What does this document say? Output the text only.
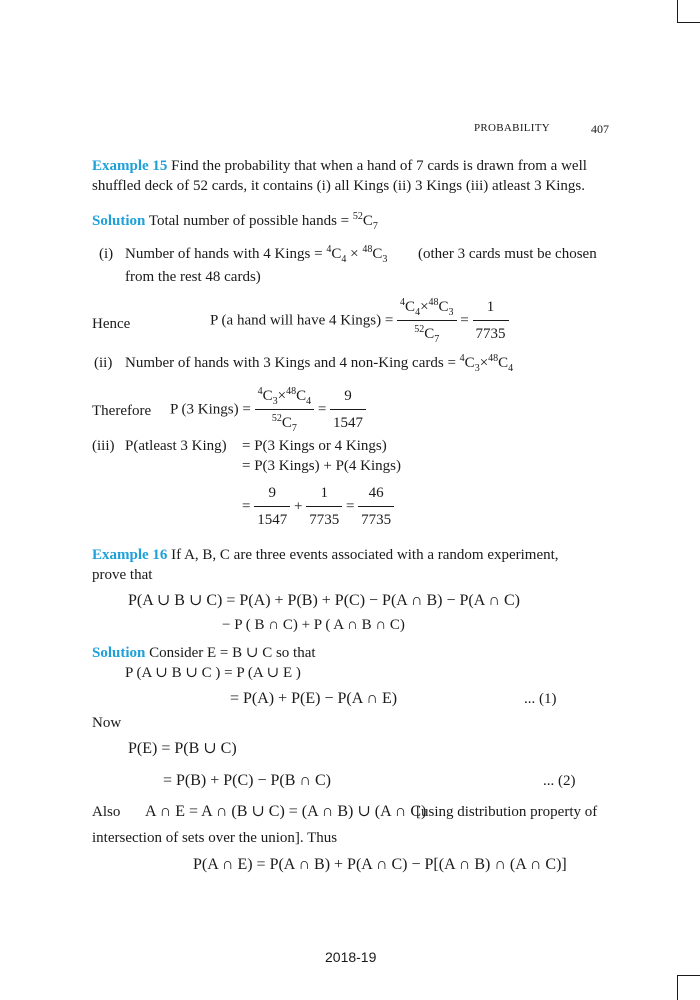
PROBABILITY	407
Example 15 Find the probability that when a hand of 7 cards is drawn from a well
shuffled deck of 52 cards, it contains (i) all Kings (ii) 3 Kings (iii) atleast 3 Kings.
Solution Total number of possible hands = $^{52}C_7$
(i) Number of hands with 4 Kings = $^4C_4 \times ^{48}C_3$ (other 3 cards must be chosen
from the rest 48 cards)
Hence	P (a hand will have 4 Kings) = $\frac{^4C_4\times^{48}C_3}{^{52}C_7} = \frac{1}{7735}$
(ii) Number of hands with 3 Kings and 4 non-King cards = $^4C_3\times^{48}C_4$
Therefore P (3 Kings) = $\frac{^4C_3\times^{48}C_4}{^{52}C_7} = \frac{9}{1547}$
(iii) P(atleast 3 King) = P(3 Kings or 4 Kings)
= P(3 Kings) + P(4 Kings)
= $\frac{9}{1547} + \frac{1}{7735} = \frac{46}{7735}$
Example 16 If A, B, C are three events associated with a random experiment,
prove that
P(A ∪ B ∪ C) = P(A) + P(B) + P(C) − P(A ∩ B) − P(A ∩ C)
− P ( B ∩ C) + P ( A ∩ B ∩ C)
Solution Consider E = B ∪ C so that
P (A ∪ B ∪ C ) = P (A ∪ E )
= P(A) + P(E) − P(A ∩ E)	... (1)
Now
P(E) = P(B ∪ C)
= P(B) + P(C) − P(B ∩ C)	... (2)
Also A ∩ E = A ∩ (B ∪ C) = (A ∩ B) ∪ (A ∩ C)
[using distribution property of
intersection of sets over the union]. Thus
P(A ∩ E) = P(A ∩ B) + P(A ∩ C) − P[(A ∩ B) ∩ (A ∩ C)]
2018-19
